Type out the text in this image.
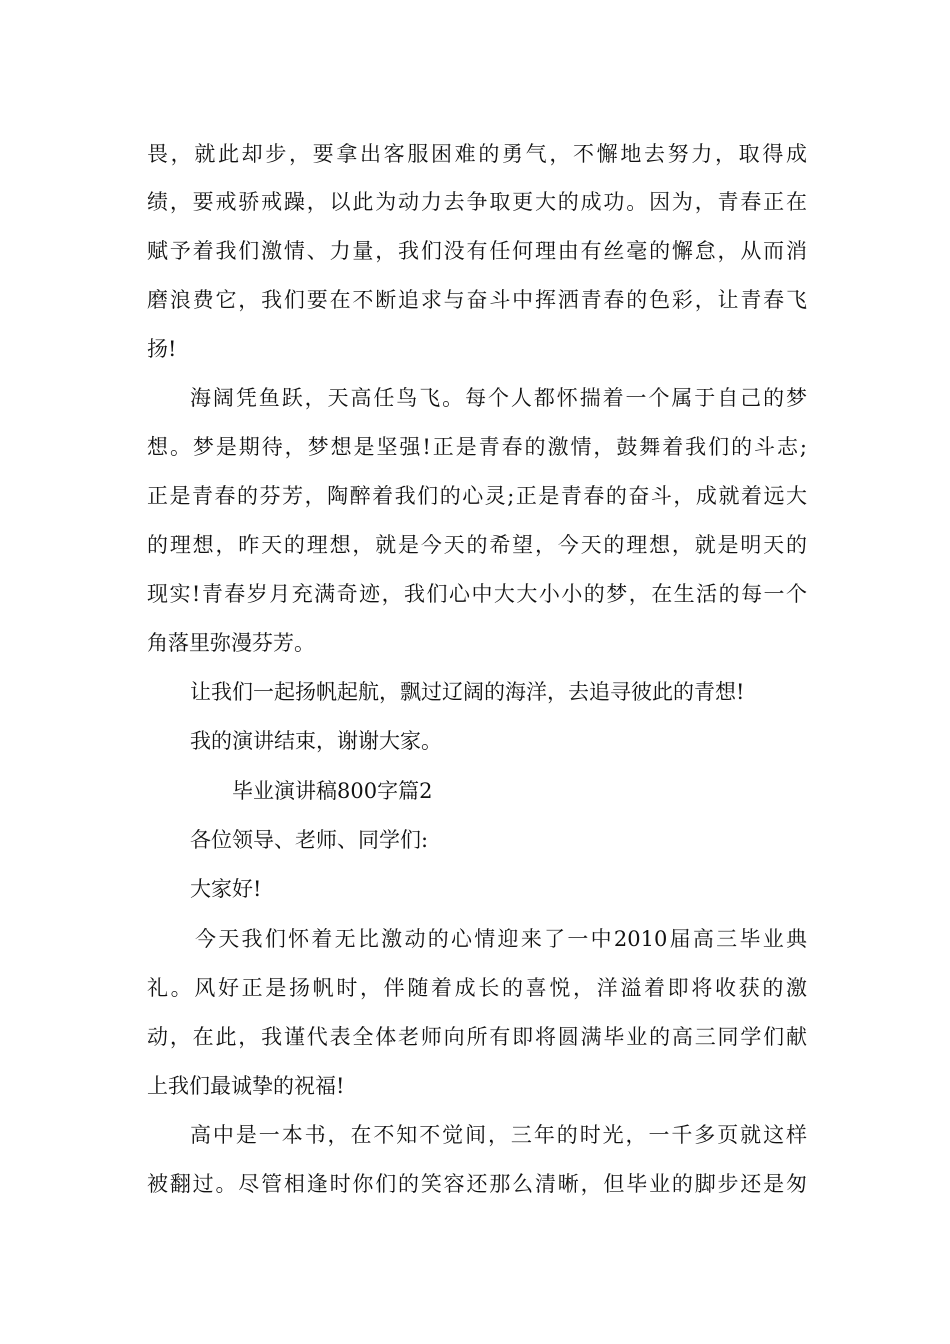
畏，就此却步，要拿出客服困难的勇气，不懈地去努力，取得成
绩，要戒骄戒躁，以此为动力去争取更大的成功。因为，青春正在
赋予着我们激情、力量，我们没有任何理由有丝毫的懈怠，从而消
磨浪费它，我们要在不断追求与奋斗中挥洒青春的色彩，让青春飞
扬!
海阔凭鱼跃，天高任鸟飞。每个人都怀揣着一个属于自己的梦
想。梦是期待，梦想是坚强!正是青春的激情，鼓舞着我们的斗志;
正是青春的芬芳，陶醉着我们的心灵;正是青春的奋斗，成就着远大
的理想，昨天的理想，就是今天的希望，今天的理想，就是明天的
现实!青春岁月充满奇迹，我们心中大大小小的梦，在生活的每一个
角落里弥漫芬芳。
让我们一起扬帆起航，飘过辽阔的海洋，去追寻彼此的青想!
我的演讲结束，谢谢大家。
毕业演讲稿800字篇2
各位领导、老师、同学们:
大家好!
今天我们怀着无比激动的心情迎来了一中2010届高三毕业典
礼。风好正是扬帆时，伴随着成长的喜悦，洋溢着即将收获的激
动，在此，我谨代表全体老师向所有即将圆满毕业的高三同学们献
上我们最诚挚的祝福!
高中是一本书，在不知不觉间，三年的时光，一千多页就这样
被翻过。尽管相逢时你们的笑容还那么清晰，但毕业的脚步还是匆
